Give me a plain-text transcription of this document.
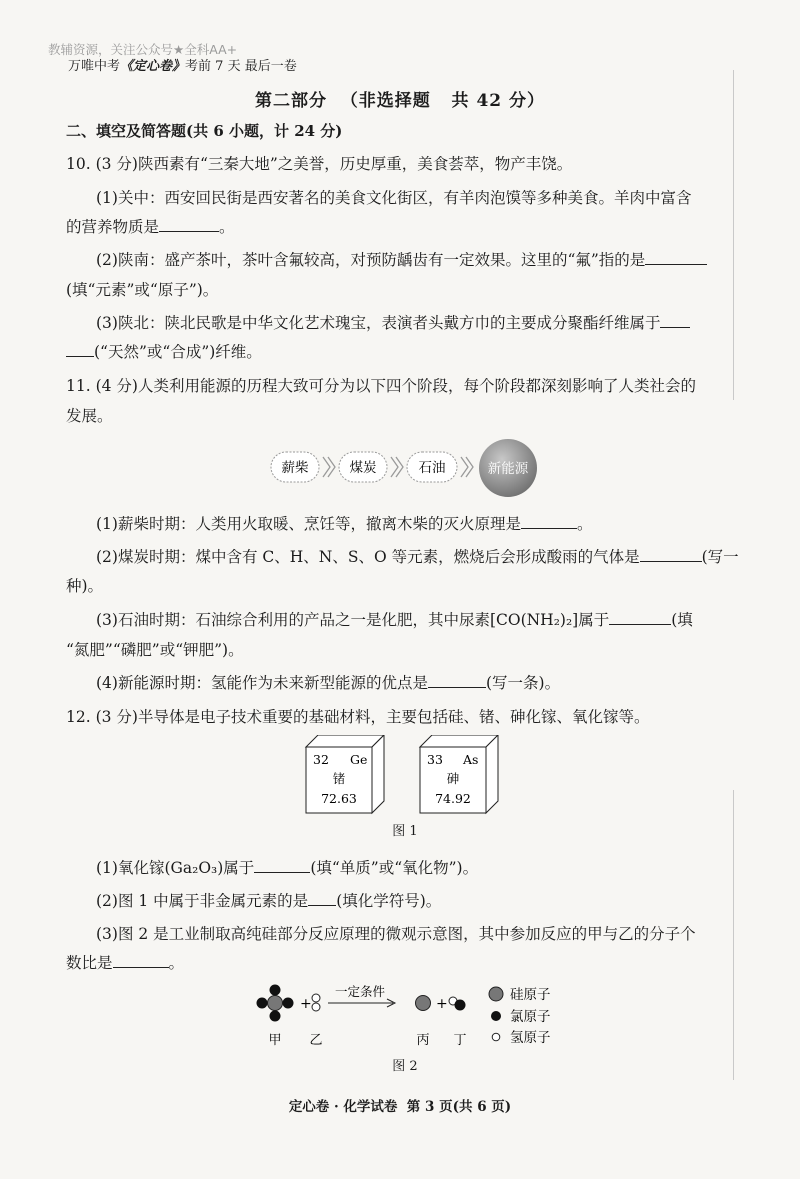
教辅资源，关注公众号★全科AA+
万唯中考《定心卷》考前 7 天 最后一卷
第二部分  （非选择题   共 42 分）
二、填空及简答题(共 6 小题，计 24 分)
10. (3 分)陕西素有“三秦大地”之美誉，历史厚重，美食荟萃，物产丰饶。
(1)关中：西安回民街是西安著名的美食文化街区，有羊肉泡馍等多种美食。羊肉中富含
的营养物质是	。
(2)陕南：盛产茶叶，茶叶含氟较高，对预防龋齿有一定效果。这里的“氟”指的是
(填“元素”或“原子”)。
(3)陕北：陕北民歌是中华文化艺术瑰宝，表演者头戴方巾的主要成分聚酯纤维属于
(“天然”或“合成”)纤维。
11. (4 分)人类利用能源的历程大致可分为以下四个阶段，每个阶段都深刻影响了人类社会的
发展。
薪柴	煤炭	石油	新能源
(1)薪柴时期：人类用火取暖、烹饪等，撤离木柴的灭火原理是	。
(2)煤炭时期：煤中含有 C、H、N、S、O 等元素，燃烧后会形成酸雨的气体是	(写一
种)。
(3)石油时期：石油综合利用的产品之一是化肥，其中尿素[CO(NH₂)₂]属于	(填
“氮肥”“磷肥”或“钾肥”)。
(4)新能源时期：氢能作为未来新型能源的优点是	(写一条)。
12. (3 分)半导体是电子技术重要的基础材料，主要包括硅、锗、砷化镓、氧化镓等。
32 Ge
锗
72.63
33 As
砷
74.92
图 1
(1)氧化镓(Ga₂O₃)属于	(填“单质”或“氧化物”)。
(2)图 1 中属于非金属元素的是 (填化学符号)。
(3)图 2 是工业制取高纯硅部分反应原理的微观示意图，其中参加反应的甲与乙的分子个
数比是	。
+
一定条件
+
甲 乙	丙 丁
硅原子
氯原子
氢原子
图 2
定心卷 · 化学试卷  第 3 页(共 6 页)
